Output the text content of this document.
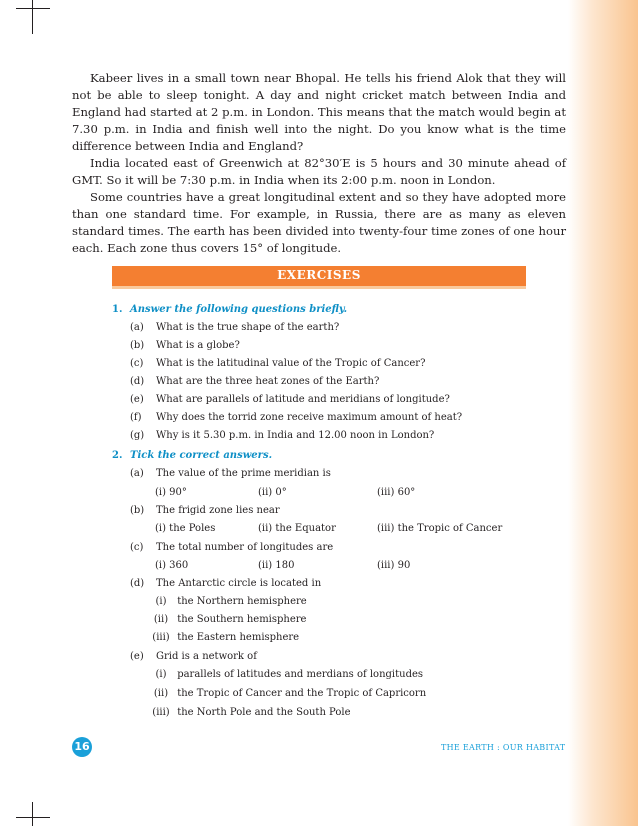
Kabeer lives in a small town near Bhopal. He tells his friend Alok that they will not be able to sleep tonight. A day and night cricket match between India and England had started at 2 p.m. in London. This means that the match would begin at 7.30 p.m. in India and finish well into the night. Do you know what is the time difference between India and England?

India located east of Greenwich at 82°30′E is 5 hours and 30 minute ahead of GMT. So it will be 7:30 p.m. in India when its 2:00 p.m. noon in London.

Some countries have a great longitudinal extent and so they have adopted more than one standard time. For example, in Russia, there are as many as eleven standard times. The earth has been divided into twenty-four time zones of one hour each. Each zone thus covers 15° of longitude.

EXERCISES
1. Answer the following questions briefly.
(a) What is the true shape of the earth?
(b) What is a globe?
(c) What is the latitudinal value of the Tropic of Cancer?
(d) What are the three heat zones of the Earth?
(e) What are parallels of latitude and meridians of longitude?
(f) Why does the torrid zone receive maximum amount of heat?
(g) Why is it 5.30 p.m. in India and 12.00 noon in London?
2. Tick the correct answers.
(a) The value of the prime meridian is
(i) 90°	(ii) 0°	(iii) 60°
(b) The frigid zone lies near
(i) the Poles	(ii) the Equator	(iii) the Tropic of Cancer
(c) The total number of longitudes are
(i) 360	(ii) 180	(iii) 90
(d) The Antarctic circle is located in
(i) the Northern hemisphere
(ii) the Southern hemisphere
(iii) the Eastern hemisphere
(e) Grid is a network of
(i) parallels of latitudes and merdians of longitudes
(ii) the Tropic of Cancer and the Tropic of Capricorn
(iii) the North Pole and the South Pole
16	THE EARTH : OUR HABITAT
